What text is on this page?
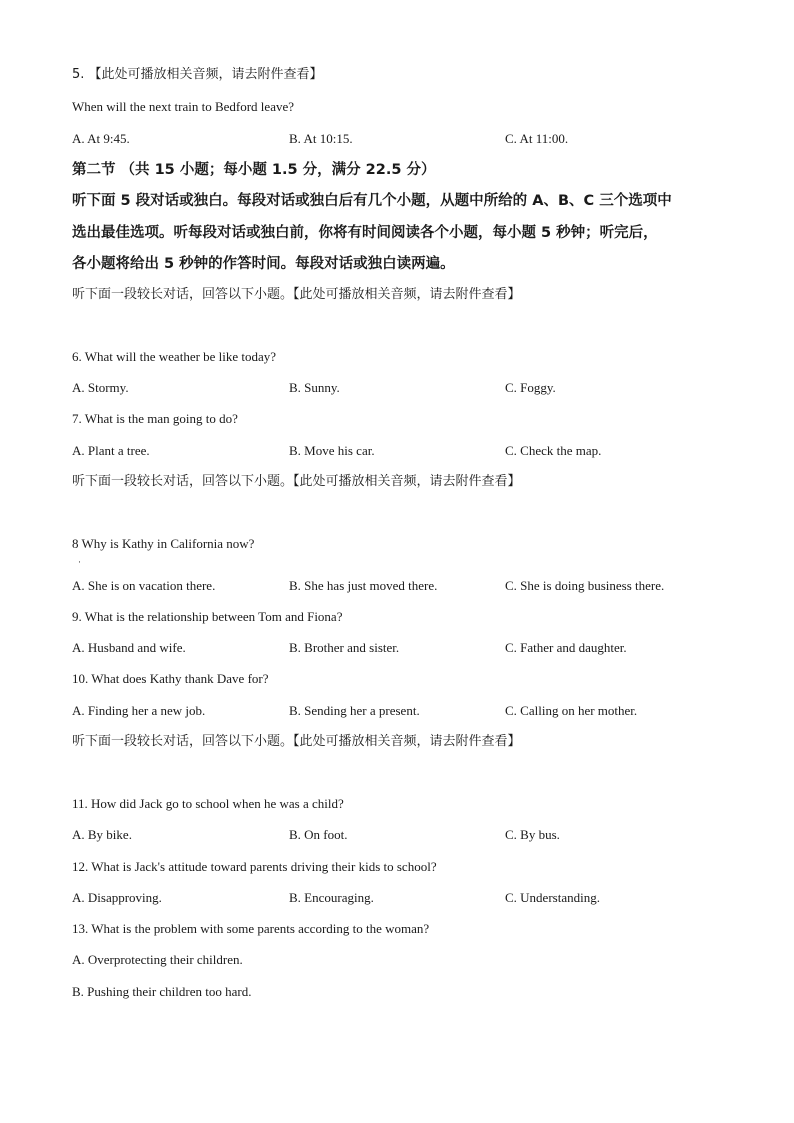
5. 【此处可播放相关音频，请去附件查看】
When will the next train to Bedford leave?
A. At 9:45.	B. At 10:15.	C. At 11:00.
第二节 （共 15 小题；每小题 1.5 分，满分 22.5 分）
听下面 5 段对话或独白。每段对话或独白后有几个小题，从题中所给的 A、B、C 三个选项中
选出最佳选项。听每段对话或独白前，你将有时间阅读各个小题，每小题 5 秒钟；听完后，
各小题将给出 5 秒钟的作答时间。每段对话或独白读两遍。
听下面一段较长对话，回答以下小题。【此处可播放相关音频，请去附件查看】
6. What will the weather be like today?
A. Stormy.	B. Sunny.	C. Foggy.
7. What is the man going to do?
A. Plant a tree.	B. Move his car.	C. Check the map.
听下面一段较长对话，回答以下小题。【此处可播放相关音频，请去附件查看】
8 Why is Kathy in California now?
·
A. She is on vacation there.	B. She has just moved there.	C. She is doing business there.
9. What is the relationship between Tom and Fiona?
A. Husband and wife.	B. Brother and sister.	C. Father and daughter.
10. What does Kathy thank Dave for?
A. Finding her a new job.	B. Sending her a present.	C. Calling on her mother.
听下面一段较长对话，回答以下小题。【此处可播放相关音频，请去附件查看】
11. How did Jack go to school when he was a child?
A. By bike.	B. On foot.	C. By bus.
12. What is Jack's attitude toward parents driving their kids to school?
A. Disapproving.	B. Encouraging.	C. Understanding.
13. What is the problem with some parents according to the woman?
A. Overprotecting their children.
B. Pushing their children too hard.
